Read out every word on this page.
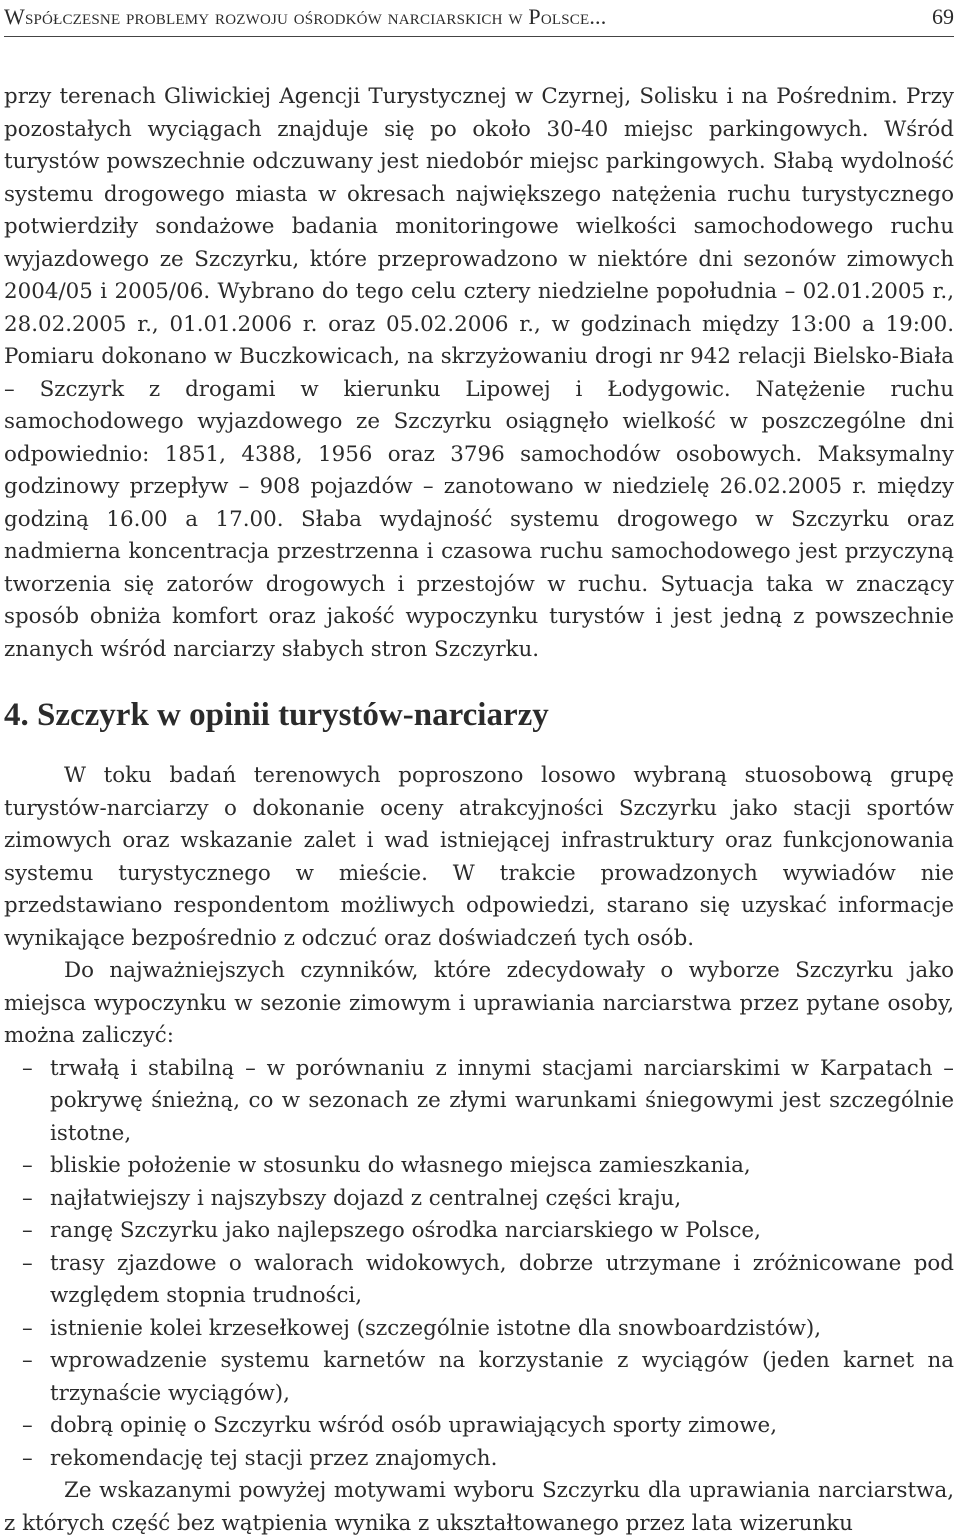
Współczesne problemy rozwoju ośrodków narciarskich w Polsce...	69

przy terenach Gliwickiej Agencji Turystycznej w Czyrnej, Solisku i na Pośrednim. Przy pozostałych wyciągach znajduje się po około 30-40 miejsc parkingowych. Wśród turystów powszechnie odczuwany jest niedobór miejsc parkingowych. Słabą wydolność systemu drogowego miasta w okresach największego natężenia ruchu turystycznego potwierdziły sondażowe badania monitoringowe wielkości samochodowego ruchu wyjazdowego ze Szczyrku, które przeprowadzono w niektóre dni sezonów zimowych 2004/05 i 2005/06. Wybrano do tego celu cztery niedzielne popołudnia – 02.01.2005 r., 28.02.2005 r., 01.01.2006 r. oraz 05.02.2006 r., w godzinach między 13:00 a 19:00. Pomiaru dokonano w Buczkowicach, na skrzyżowaniu drogi nr 942 relacji Bielsko-Biała – Szczyrk z drogami w kierunku Lipowej i Łodygowic. Natężenie ruchu samochodowego wyjazdowego ze Szczyrku osiągnęło wielkość w poszczególne dni odpowiednio: 1851, 4388, 1956 oraz 3796 samochodów osobowych. Maksymalny godzinowy przepływ – 908 pojazdów – zanotowano w niedzielę 26.02.2005 r. między godziną 16.00 a 17.00. Słaba wydajność systemu drogowego w Szczyrku oraz nadmierna koncentracja przestrzenna i czasowa ruchu samochodowego jest przyczyną tworzenia się zatorów drogowych i przestojów w ruchu. Sytuacja taka w znaczący sposób obniża komfort oraz jakość wypoczynku turystów i jest jedną z powszechnie znanych wśród narciarzy słabych stron Szczyrku.

4. Szczyrk w opinii turystów-narciarzy

W toku badań terenowych poproszono losowo wybraną stuosobową grupę turystów-narciarzy o dokonanie oceny atrakcyjności Szczyrku jako stacji sportów zimowych oraz wskazanie zalet i wad istniejącej infrastruktury oraz funkcjonowania systemu turystycznego w mieście. W trakcie prowadzonych wywiadów nie przedstawiano respondentom możliwych odpowiedzi, starano się uzyskać informacje wynikające bezpośrednio z odczuć oraz doświadczeń tych osób.

Do najważniejszych czynników, które zdecydowały o wyborze Szczyrku jako miejsca wypoczynku w sezonie zimowym i uprawiania narciarstwa przez pytane osoby, można zaliczyć:

– trwałą i stabilną – w porównaniu z innymi stacjami narciarskimi w Karpatach – pokrywę śnieżną, co w sezonach ze złymi warunkami śniegowymi jest szczególnie istotne,
– bliskie położenie w stosunku do własnego miejsca zamieszkania,
– najłatwiejszy i najszybszy dojazd z centralnej części kraju,
– rangę Szczyrku jako najlepszego ośrodka narciarskiego w Polsce,
– trasy zjazdowe o walorach widokowych, dobrze utrzymane i zróżnicowane pod względem stopnia trudności,
– istnienie kolei krzesełkowej (szczególnie istotne dla snowboardzistów),
– wprowadzenie systemu karnetów na korzystanie z wyciągów (jeden karnet na trzynaście wyciągów),
– dobrą opinię o Szczyrku wśród osób uprawiających sporty zimowe,
– rekomendację tej stacji przez znajomych.

Ze wskazanymi powyżej motywami wyboru Szczyrku dla uprawiania narciarstwa, z których część bez wątpienia wynika z ukształtowanego przez lata wizerunku
